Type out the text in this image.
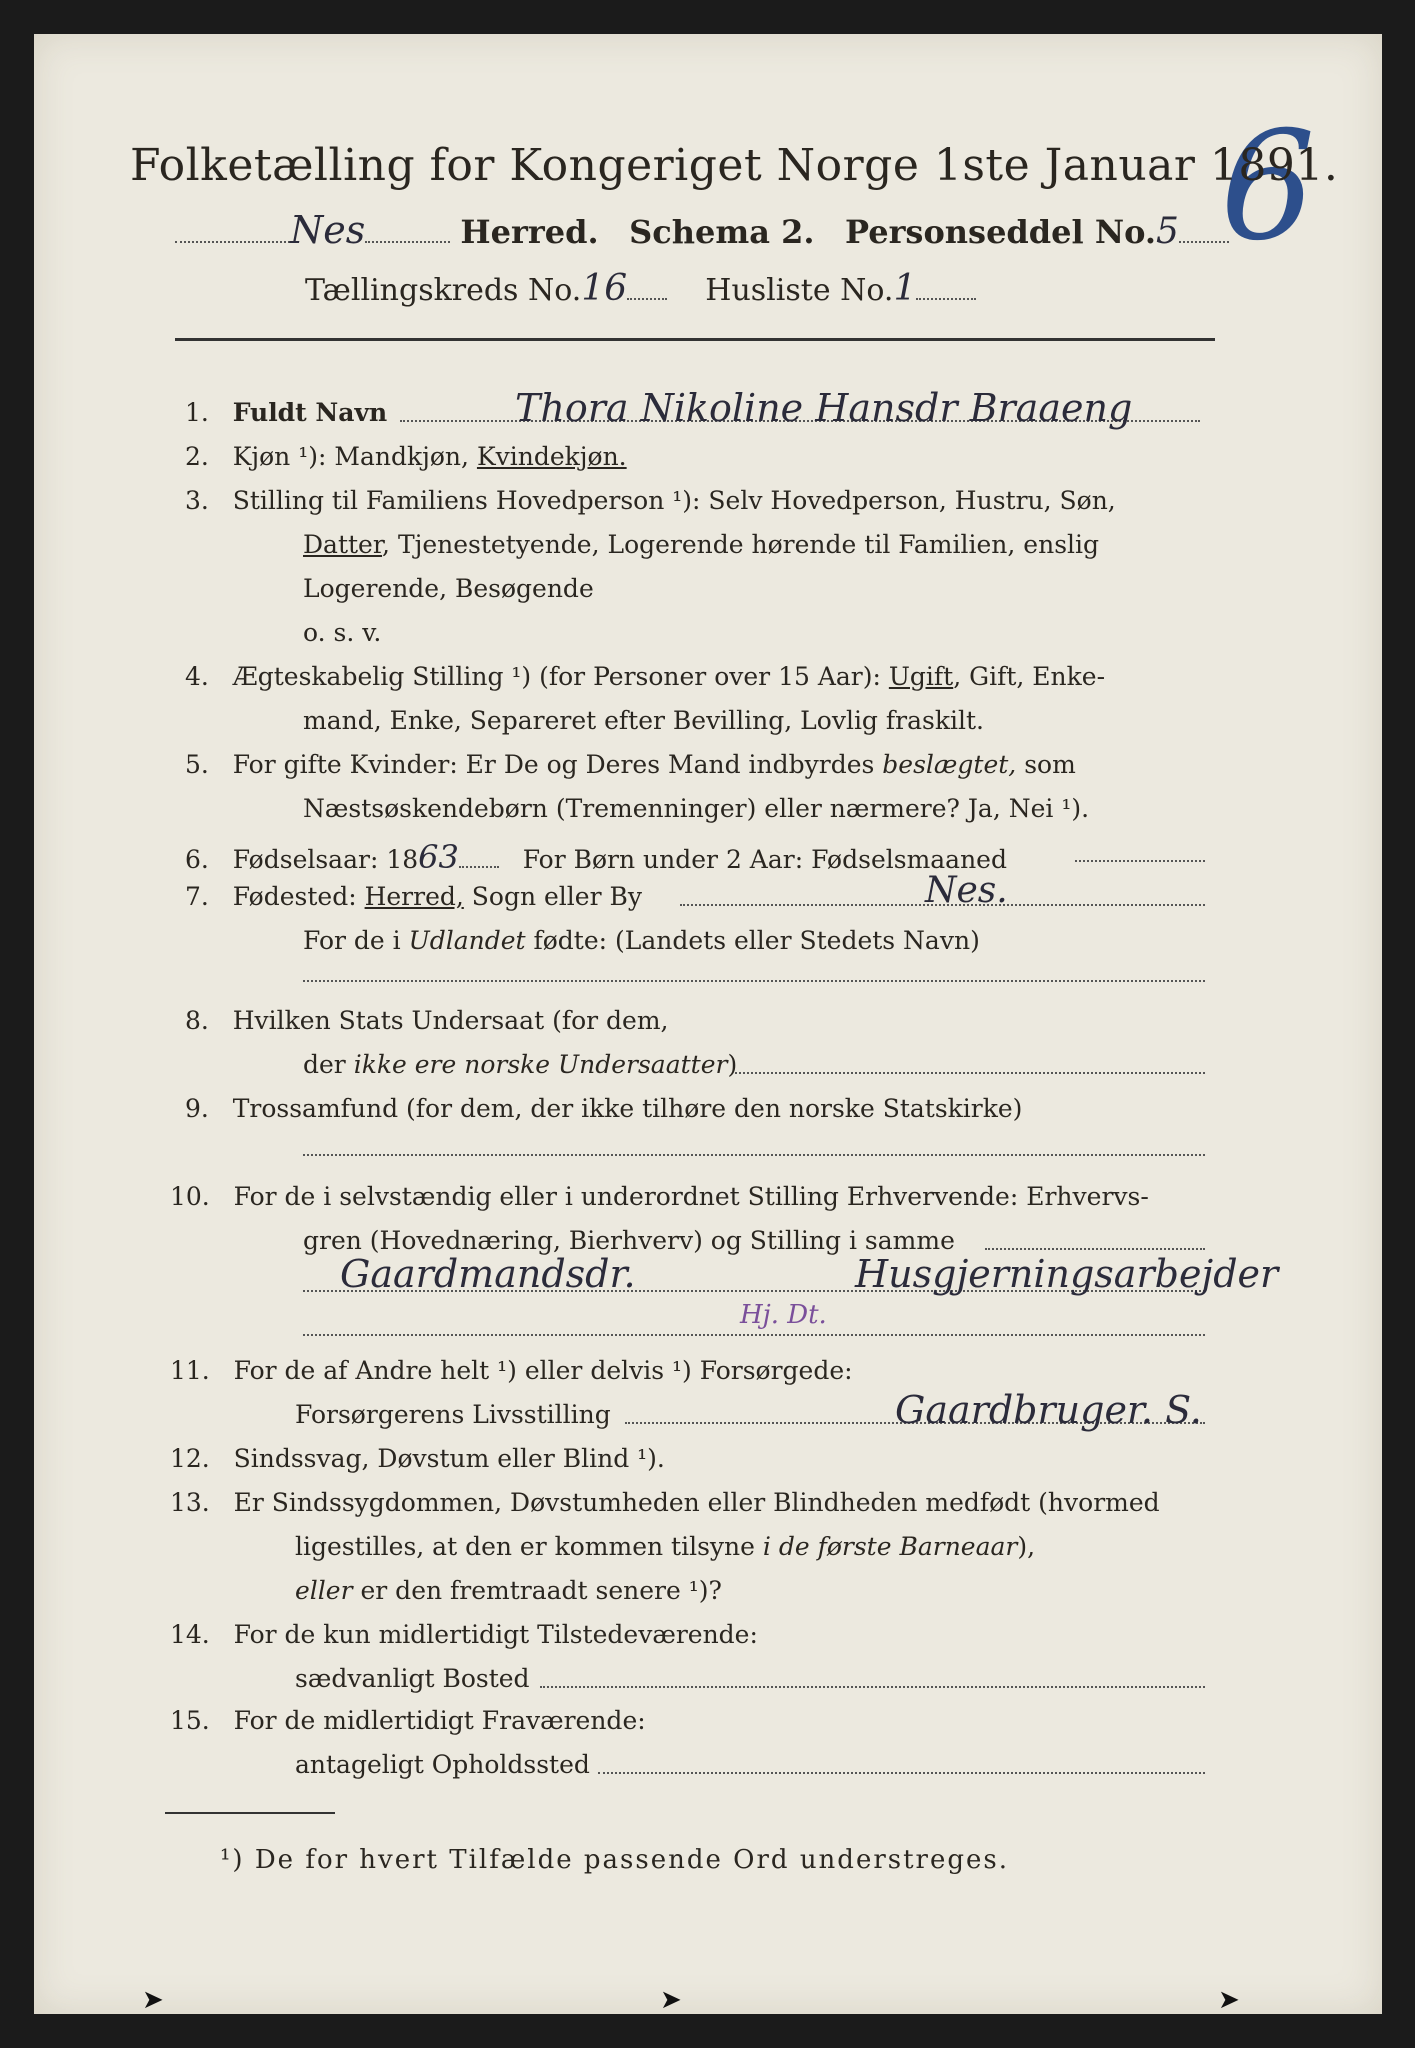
6
Folketælling for Kongeriget Norge 1ste Januar 1891.
Nes	Herred. Schema 2. Personseddel No.5
Tællingskreds No.16	Husliste No.1
1. Fuldt Navn	Thora Nikoline Hansdr Braaeng
2. Kjøn ¹): Mandkjøn, Kvindekjøn.
3. Stilling til Familiens Hovedperson ¹): Selv Hovedperson, Hustru, Søn,
Datter, Tjenestetyende, Logerende hørende til Familien, enslig
Logerende, Besøgende
o. s. v.
4. Ægteskabelig Stilling ¹) (for Personer over 15 Aar): Ugift, Gift, Enke-
mand, Enke, Separeret efter Bevilling, Lovlig fraskilt.
5. For gifte Kvinder: Er De og Deres Mand indbyrdes beslægtet, som
Næstsøskendebørn (Tremenninger) eller nærmere? Ja, Nei ¹).
6. Fødselsaar: 1863	For Børn under 2 Aar: Fødselsmaaned
7. Fødested: Herred, Sogn eller By	Nes.
For de i Udlandet fødte: (Landets eller Stedets Navn)
8. Hvilken Stats Undersaat (for dem,
der ikke ere norske Undersaatter)
9. Trossamfund (for dem, der ikke tilhøre den norske Statskirke)
10. For de i selvstændig eller i underordnet Stilling Erhvervende: Erhvervs-
gren (Hovednæring, Bierhverv) og Stilling i samme
Gaardmandsdr.	Husgjerningsarbejder
Hj. Dt.
11. For de af Andre helt ¹) eller delvis ¹) Forsørgede:
Forsørgerens Livsstilling	Gaardbruger. S.
12. Sindssvag, Døvstum eller Blind ¹).
13. Er Sindssygdommen, Døvstumheden eller Blindheden medfødt (hvormed
ligestilles, at den er kommen tilsyne i de første Barneaar),
eller er den fremtraadt senere ¹)?
14. For de kun midlertidigt Tilstedeværende:
sædvanligt Bosted
15. For de midlertidigt Fraværende:
antageligt Opholdssted
¹) De for hvert Tilfælde passende Ord understreges.
➤	➤	➤
